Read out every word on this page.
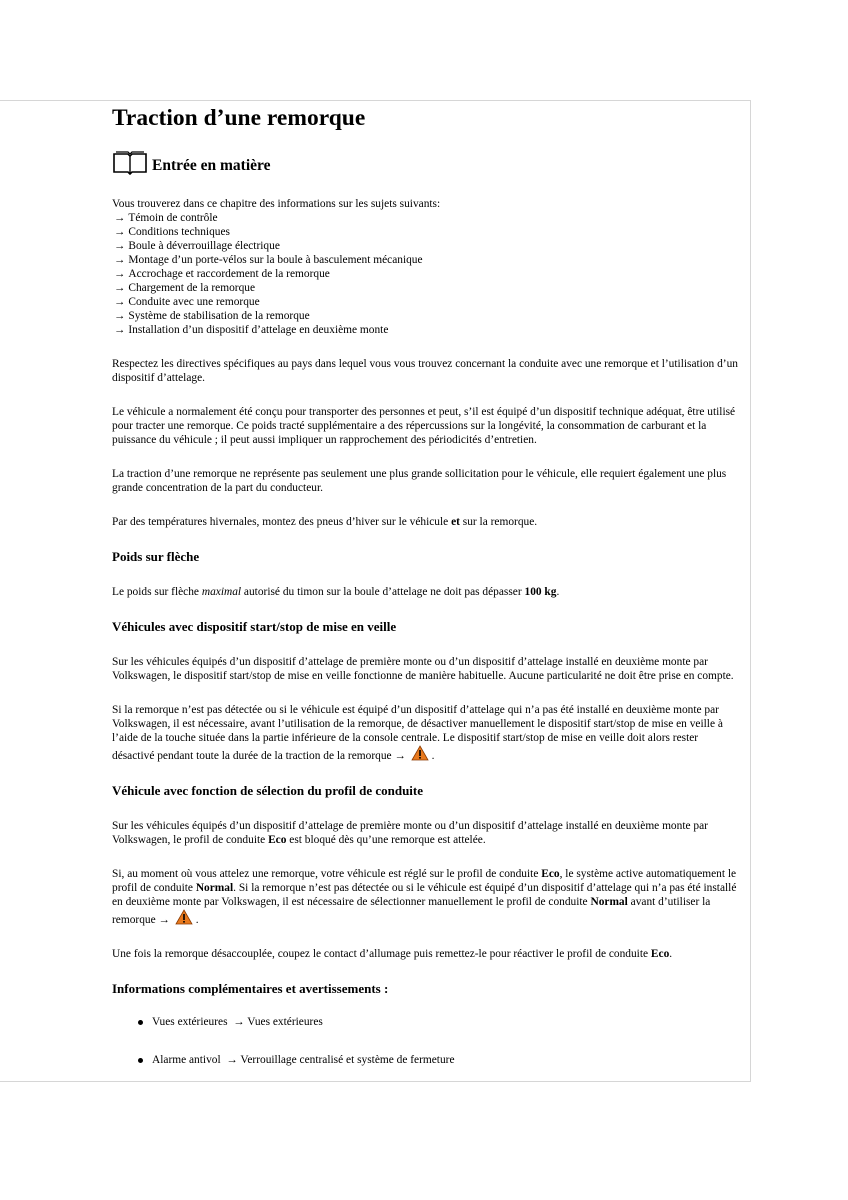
Traction d’une remorque
Entrée en matière

Vous trouverez dans ce chapitre des informations sur les sujets suivants:

→ Témoin de contrôle
→ Conditions techniques
→ Boule à déverrouillage électrique
→ Montage d’un porte-vélos sur la boule à basculement mécanique
→ Accrochage et raccordement de la remorque
→ Chargement de la remorque
→ Conduite avec une remorque
→ Système de stabilisation de la remorque
→ Installation d’un dispositif d’attelage en deuxième monte

Respectez les directives spécifiques au pays dans lequel vous vous trouvez concernant la conduite avec une remorque et l’utilisation d’un dispositif d’attelage.

Le véhicule a normalement été conçu pour transporter des personnes et peut, s’il est équipé d’un dispositif technique adéquat, être utilisé pour tracter une remorque. Ce poids tracté supplémentaire a des répercussions sur la longévité, la consommation de carburant et la puissance du véhicule ; il peut aussi impliquer un rapprochement des périodicités d’entretien.

La traction d’une remorque ne représente pas seulement une plus grande sollicitation pour le véhicule, elle requiert également une plus grande concentration de la part du conducteur.

Par des températures hivernales, montez des pneus d’hiver sur le véhicule et sur la remorque.

Poids sur flèche

Le poids sur flèche maximal autorisé du timon sur la boule d’attelage ne doit pas dépasser 100 kg.

Véhicules avec dispositif start/stop de mise en veille

Sur les véhicules équipés d’un dispositif d’attelage de première monte ou d’un dispositif d’attelage installé en deuxième monte par Volkswagen, le dispositif start/stop de mise en veille fonctionne de manière habituelle. Aucune particularité ne doit être prise en compte.

Si la remorque n’est pas détectée ou si le véhicule est équipé d’un dispositif d’attelage qui n’a pas été installé en deuxième monte par Volkswagen, il est nécessaire, avant l’utilisation de la remorque, de désactiver manuellement le dispositif start/stop de mise en veille à l’aide de la touche située dans la partie inférieure de la console centrale. Le dispositif start/stop de mise en veille doit alors rester désactivé pendant toute la durée de la traction de la remorque → .

Véhicule avec fonction de sélection du profil de conduite

Sur les véhicules équipés d’un dispositif d’attelage de première monte ou d’un dispositif d’attelage installé en deuxième monte par Volkswagen, le profil de conduite Eco est bloqué dès qu’une remorque est attelée.

Si, au moment où vous attelez une remorque, votre véhicule est réglé sur le profil de conduite Eco, le système active automatiquement le profil de conduite Normal. Si la remorque n’est pas détectée ou si le véhicule est équipé d’un dispositif d’attelage qui n’a pas été installé en deuxième monte par Volkswagen, il est nécessaire de sélectionner manuellement le profil de conduite Normal avant d’utiliser la remorque → .

Une fois la remorque désaccouplée, coupez le contact d’allumage puis remettez-le pour réactiver le profil de conduite Eco.

Informations complémentaires et avertissements :
Vues extérieures → Vues extérieures
Alarme antivol → Verrouillage centralisé et système de fermeture
